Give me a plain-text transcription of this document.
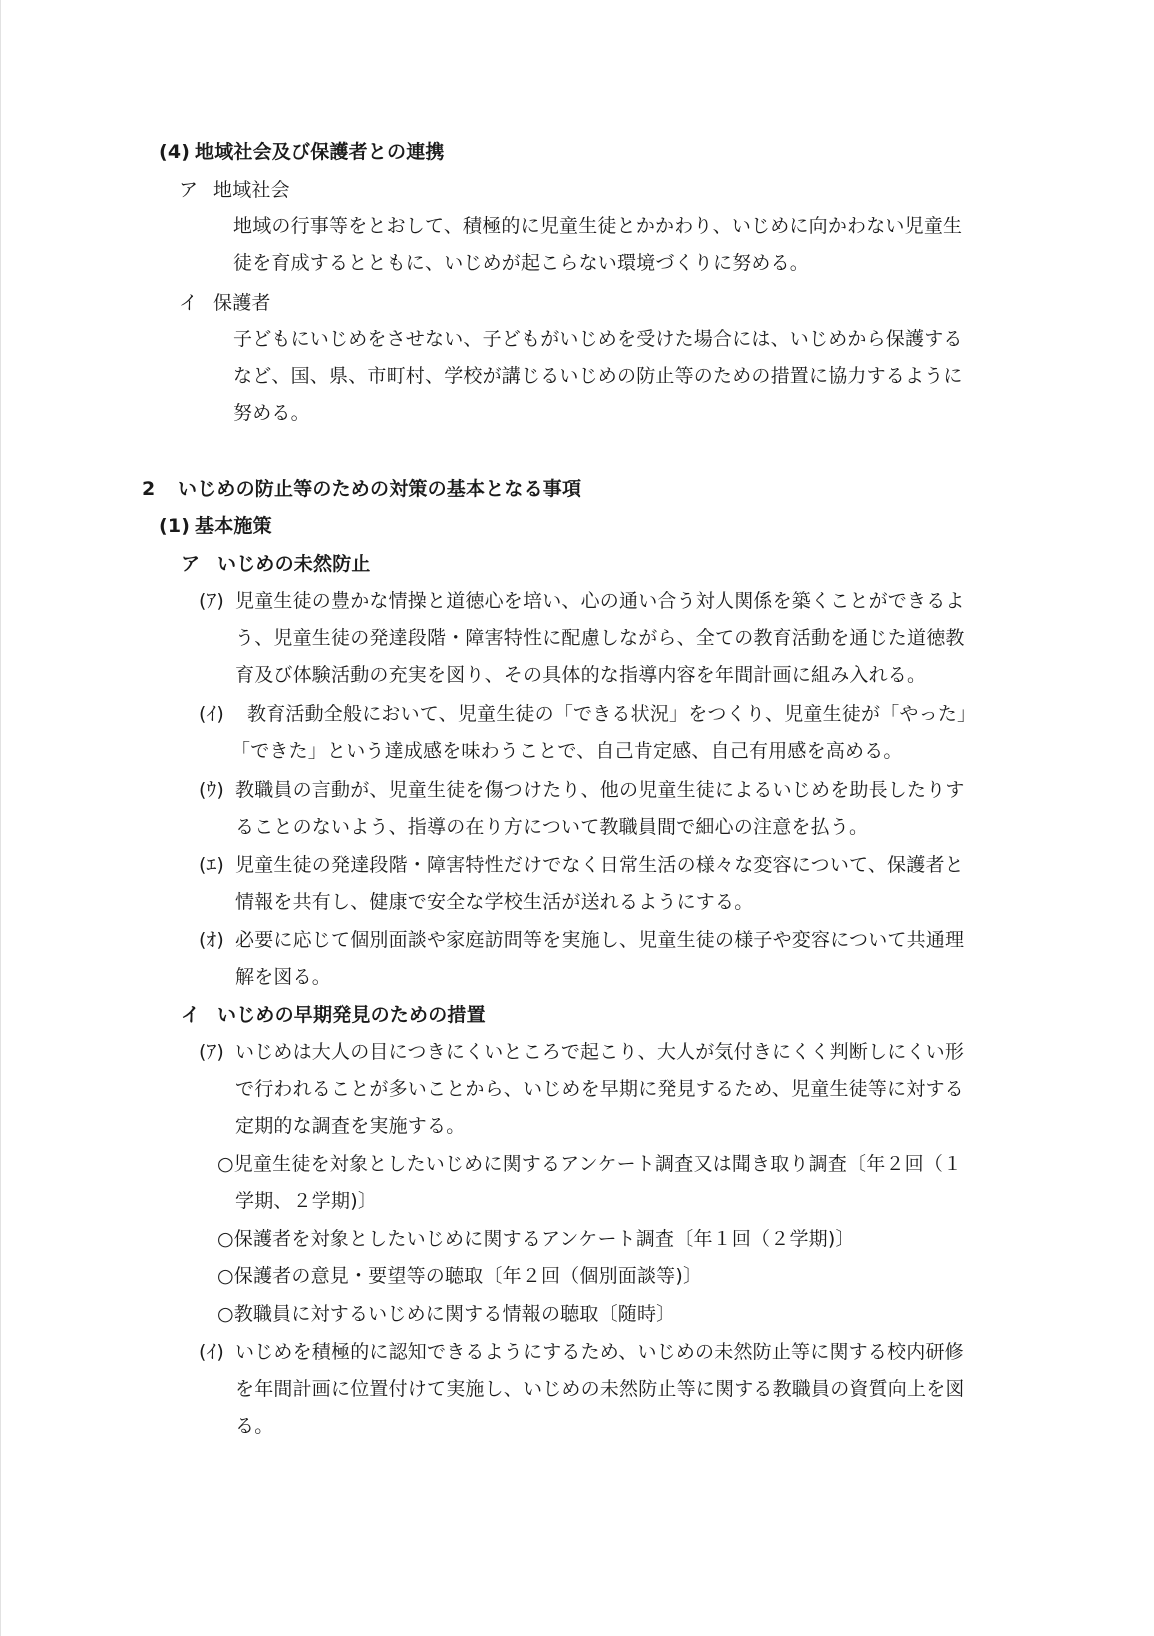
(4) 地域社会及び保護者との連携

ア 地域社会

地域の行事等をとおして、積極的に児童生徒とかかわり、いじめに向かわない児童生

徒を育成するとともに、いじめが起こらない環境づくりに努める。

イ 保護者

子どもにいじめをさせない、子どもがいじめを受けた場合には、いじめから保護する

など、国、県、市町村、学校が講じるいじめの防止等のための措置に協力するように

努める。

2 いじめの防止等のための対策の基本となる事項

(1) 基本施策

ア いじめの未然防止

(ｱ) 児童生徒の豊かな情操と道徳心を培い、心の通い合う対人関係を築くことができるよ

う、児童生徒の発達段階・障害特性に配慮しながら、全ての教育活動を通じた道徳教

育及び体験活動の充実を図り、その具体的な指導内容を年間計画に組み入れる。

(ｲ) 教育活動全般において、児童生徒の「できる状況」をつくり、児童生徒が「やった」

「できた」という達成感を味わうことで、自己肯定感、自己有用感を高める。

(ｳ) 教職員の言動が、児童生徒を傷つけたり、他の児童生徒によるいじめを助長したりす

ることのないよう、指導の在り方について教職員間で細心の注意を払う。

(ｴ) 児童生徒の発達段階・障害特性だけでなく日常生活の様々な変容について、保護者と

情報を共有し、健康で安全な学校生活が送れるようにする。

(ｵ) 必要に応じて個別面談や家庭訪問等を実施し、児童生徒の様子や変容について共通理

解を図る。

イ いじめの早期発見のための措置

(ｱ) いじめは大人の目につきにくいところで起こり、大人が気付きにくく判断しにくい形

で行われることが多いことから、いじめを早期に発見するため、児童生徒等に対する

定期的な調査を実施する。

○児童生徒を対象としたいじめに関するアンケート調査又は聞き取り調査〔年２回（１

学期、２学期)〕

○保護者を対象としたいじめに関するアンケート調査〔年１回（２学期)〕

○保護者の意見・要望等の聴取〔年２回（個別面談等)〕

○教職員に対するいじめに関する情報の聴取〔随時〕

(ｲ) いじめを積極的に認知できるようにするため、いじめの未然防止等に関する校内研修

を年間計画に位置付けて実施し、いじめの未然防止等に関する教職員の資質向上を図

る。
